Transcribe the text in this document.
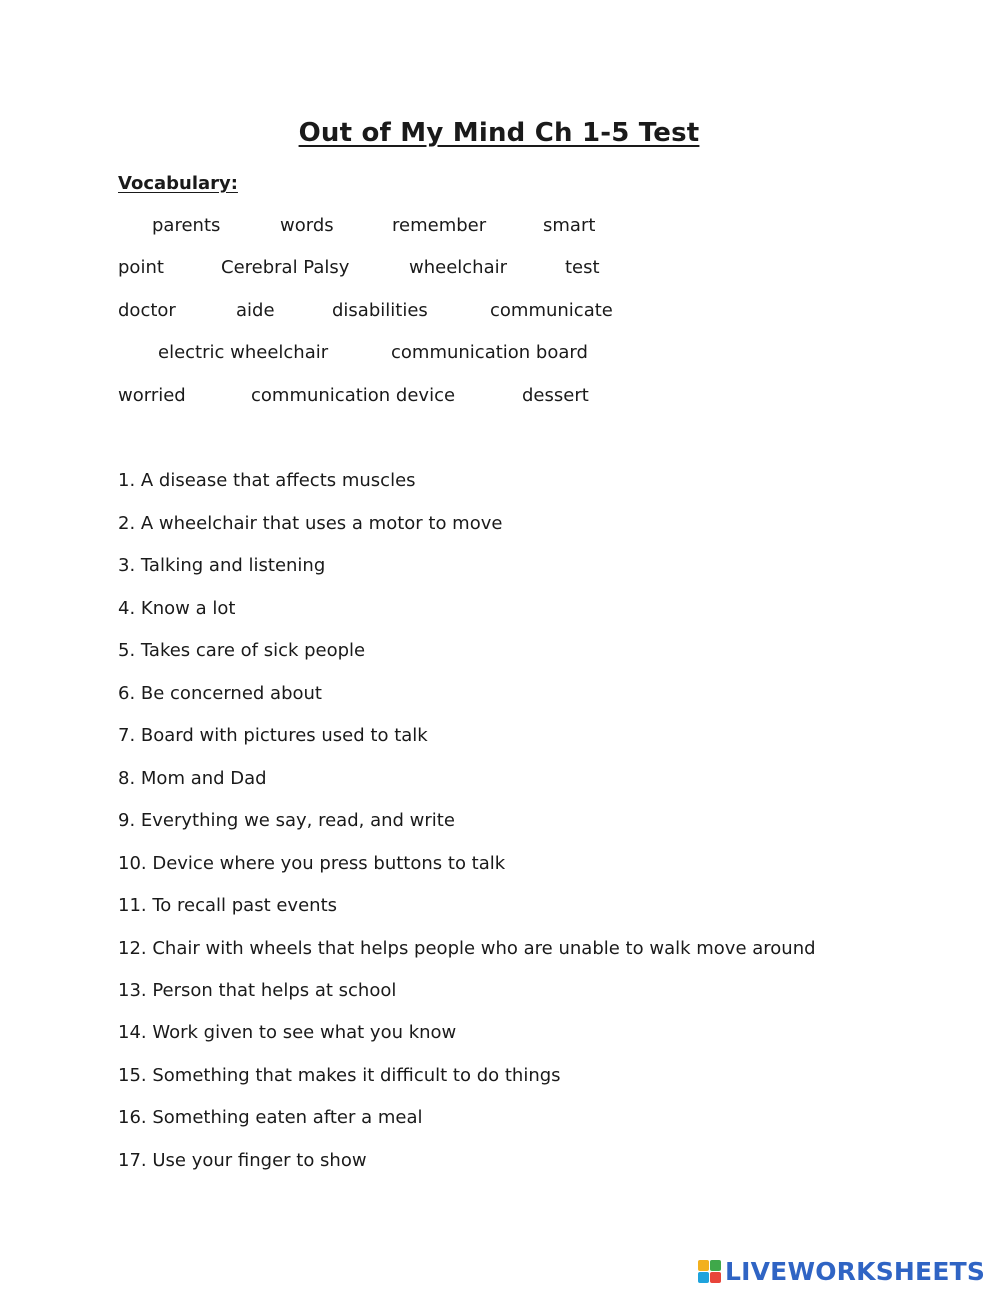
Out of My Mind Ch 1-5 Test
Vocabulary:
parents	words	remember	smart
point	Cerebral Palsy	wheelchair	test
doctor	aide	disabilities	communicate
electric wheelchair	communication board
worried	communication device	dessert
1. A disease that affects muscles
2. A wheelchair that uses a motor to move
3. Talking and listening
4. Know a lot
5. Takes care of sick people
6. Be concerned about
7. Board with pictures used to talk
8. Mom and Dad
9. Everything we say, read, and write
10. Device where you press buttons to talk
11. To recall past events
12. Chair with wheels that helps people who are unable to walk move around
13. Person that helps at school
14. Work given to see what you know
15. Something that makes it difficult to do things
16. Something eaten after a meal
17. Use your finger to show
LIVEWORKSHEETS
